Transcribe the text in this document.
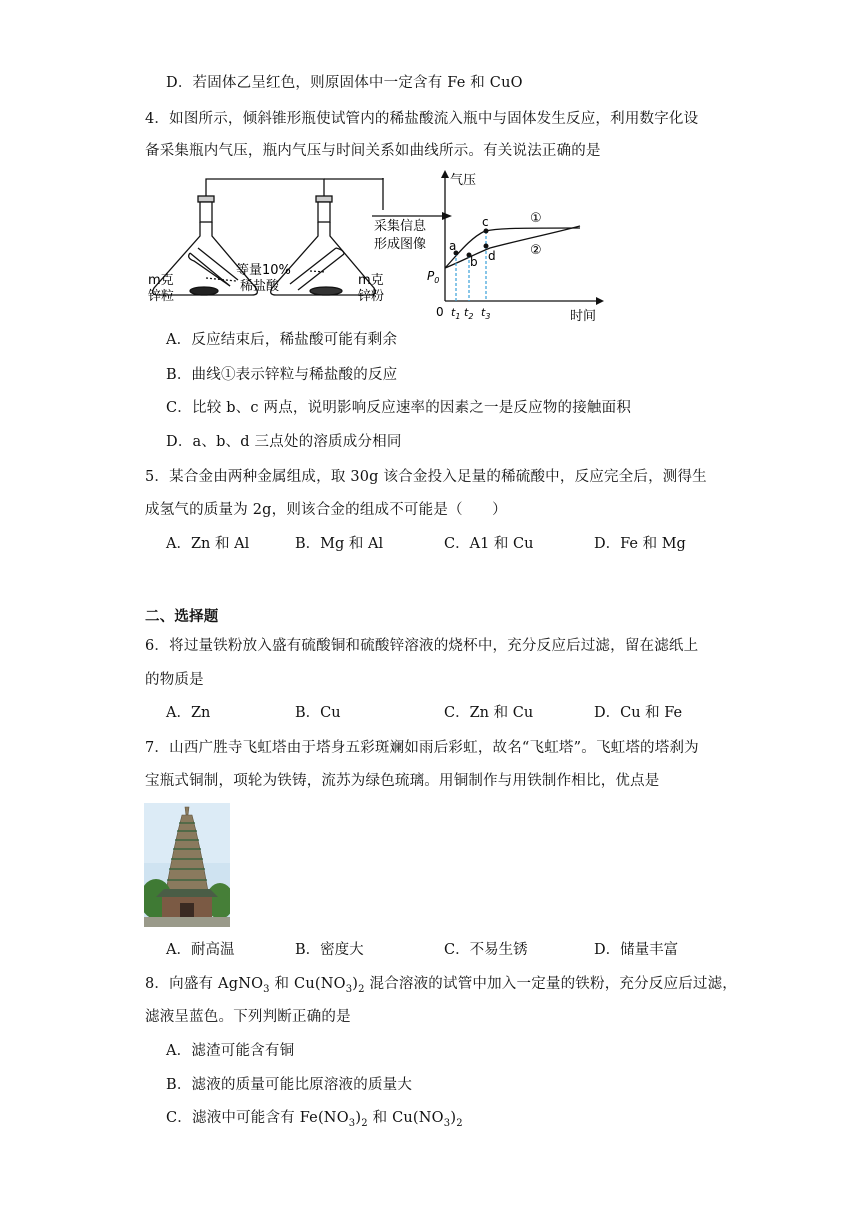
D．若固体乙呈红色，则原固体中一定含有 Fe 和 CuO
4．如图所示，倾斜锥形瓶使试管内的稀盐酸流入瓶中与固体发生反应，利用数字化设
备采集瓶内气压，瓶内气压与时间关系如曲线所示。有关说法正确的是
m克
锌粒
等量10%
稀盐酸	m克
锌粉
采集信息
形成图像
气压
时间
0
$P_0$
a
b
c
d
①
②
$t_1$ $t_2$ $t_3$
A．反应结束后，稀盐酸可能有剩余
B．曲线①表示锌粒与稀盐酸的反应
C．比较 b、c 两点，说明影响反应速率的因素之一是反应物的接触面积
D．a、b、d 三点处的溶质成分相同
5．某合金由两种金属组成，取 30g 该合金投入足量的稀硫酸中，反应完全后，测得生
成氢气的质量为 2g，则该合金的组成不可能是（　　）
A．Zn 和 Al	B．Mg 和 Al	C．A1 和 Cu	D．Fe 和 Mg
二、选择题
6．将过量铁粉放入盛有硫酸铜和硫酸锌溶液的烧杯中，充分反应后过滤，留在滤纸上
的物质是
A．Zn	B．Cu	C．Zn 和 Cu	D．Cu 和 Fe
7．山西广胜寺飞虹塔由于塔身五彩斑斓如雨后彩虹，故名“飞虹塔”。飞虹塔的塔刹为
宝瓶式铜制，项轮为铁铸，流苏为绿色琉璃。用铜制作与用铁制作相比，优点是
A．耐高温	B．密度大	C．不易生锈	D．储量丰富
8．向盛有 AgNO$_3$ 和 $Cu(NO_3)_2$ 混合溶液的试管中加入一定量的铁粉，充分反应后过滤，
滤液呈蓝色。下列判断正确的是
A．滤渣可能含有铜
B．滤液的质量可能比原溶液的质量大
C．滤液中可能含有 $Fe(NO_3)_2$ 和 $Cu(NO_3)_2$
